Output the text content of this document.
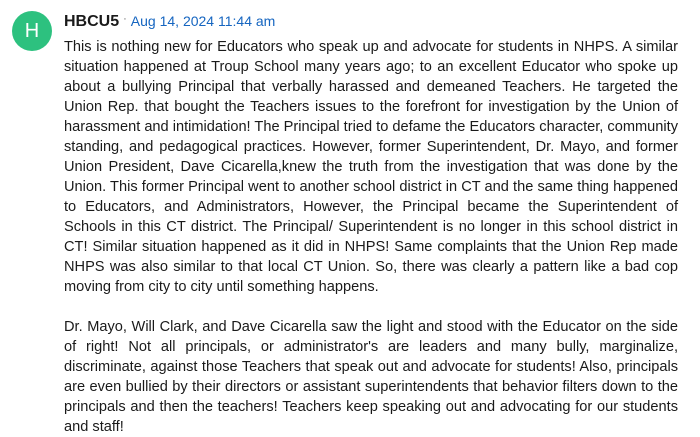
H	HBCU5 · Aug 14, 2024 11:44 am

This is nothing new for Educators who speak up and advocate for students in NHPS. A similar situation happened at Troup School many years ago; to an excellent Educator who spoke up about a bullying Principal that verbally harassed and demeaned Teachers. He targeted the Union Rep. that bought the Teachers issues to the forefront for investigation by the Union of harassment and intimidation! The Principal tried to defame the Educators character, community standing, and pedagogical practices. However, former Superintendent, Dr. Mayo, and former Union President, Dave Cicarella,knew the truth from the investigation that was done by the Union. This former Principal went to another school district in CT and the same thing happened to Educators, and Administrators, However, the Principal became the Superintendent of Schools in this CT district. The Principal/ Superintendent is no longer in this school district in CT! Similar situation happened as it did in NHPS! Same complaints that the Union Rep made NHPS was also similar to that local CT Union. So, there was clearly a pattern like a bad cop moving from city to city until something happens.

Dr. Mayo, Will Clark, and Dave Cicarella saw the light and stood with the Educator on the side of right! Not all principals, or administrator's are leaders and many bully, marginalize, discriminate, against those Teachers that speak out and advocate for students! Also, principals are even bullied by their directors or assistant superintendents that behavior filters down to the principals and then the teachers! Teachers keep speaking out and advocating for our students and staff!
